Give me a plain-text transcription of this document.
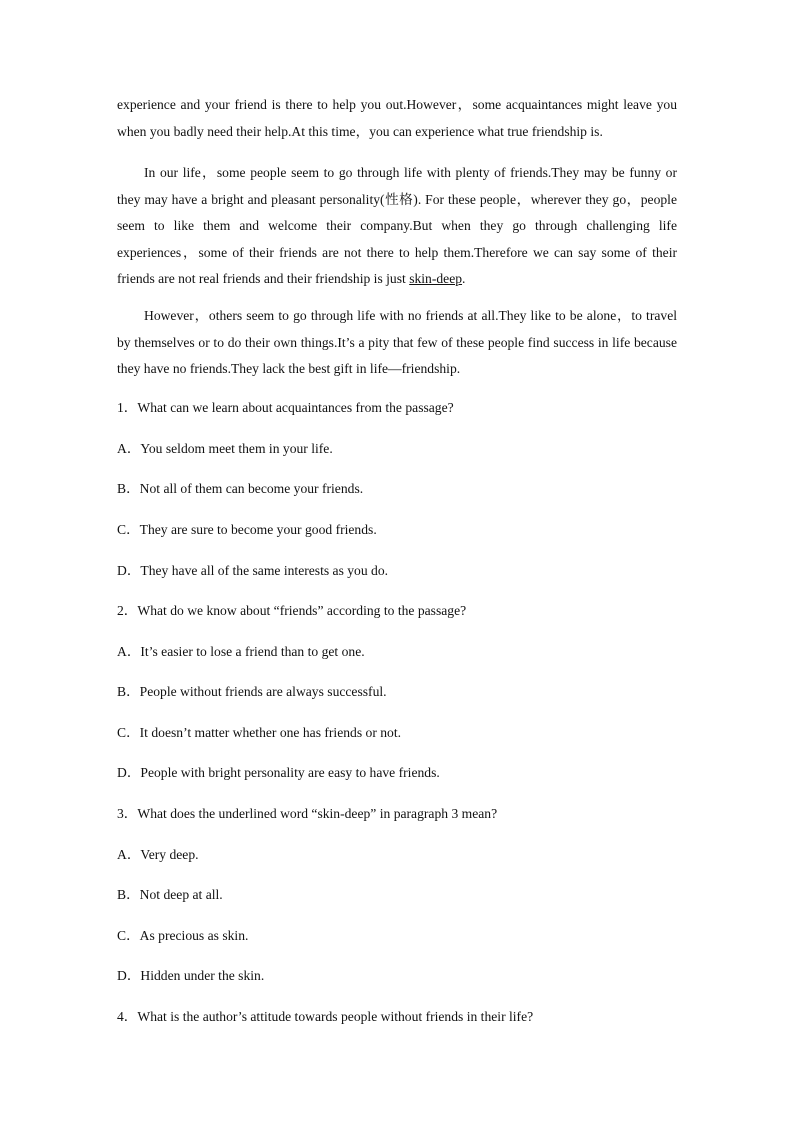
experience and your friend is there to help you out.However，some acquaintances might leave you when you badly need their help.At this time，you can experience what true friendship is.

In our life，some people seem to go through life with plenty of friends.They may be funny or they may have a bright and pleasant personality(性格). For these people，wherever they go，people seem to like them and welcome their company.But when they go through challenging life experiences，some of their friends are not there to help them.Therefore we can say some of their friends are not real friends and their friendship is just skin-deep.

However，others seem to go through life with no friends at all.They like to be alone，to travel by themselves or to do their own things.It’s a pity that few of these people find success in life because they have no friends.They lack the best gift in life—friendship.

1．What can we learn about acquaintances from the passage?

A．You seldom meet them in your life.

B．Not all of them can become your friends.

C．They are sure to become your good friends.

D．They have all of the same interests as you do.

2．What do we know about “friends” according to the passage?

A．It’s easier to lose a friend than to get one.

B．People without friends are always successful.

C．It doesn’t matter whether one has friends or not.

D．People with bright personality are easy to have friends.

3．What does the underlined word “skin-deep” in paragraph 3 mean?

A．Very deep.

B．Not deep at all.

C．As precious as skin.

D．Hidden under the skin.

4．What is the author’s attitude towards people without friends in their life?
